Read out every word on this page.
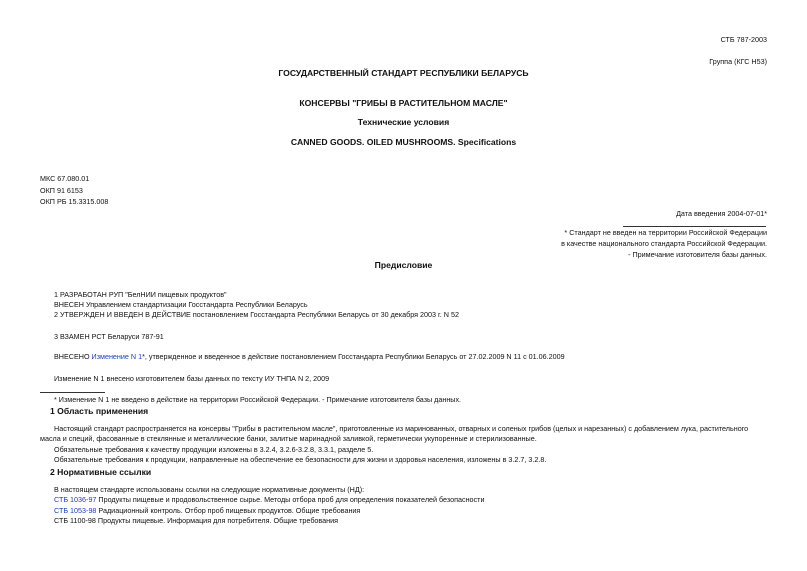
СТБ 787-2003
Группа (КГС Н53)
ГОСУДАРСТВЕННЫЙ СТАНДАРТ РЕСПУБЛИКИ БЕЛАРУСЬ
КОНСЕРВЫ "ГРИБЫ В РАСТИТЕЛЬНОМ МАСЛЕ"
Технические условия
CANNED GOODS. OILED MUSHROOMS. Specifications
МКС 67.080.01
ОКП 91 6153
ОКП РБ 15.3315.008
Дата введения 2004-07-01*
* Стандарт не введен на территории Российской Федерации
в качестве национального стандарта Российской Федерации.
- Примечание изготовителя базы данных.
Предисловие
1 РАЗРАБОТАН РУП "БелНИИ пищевых продуктов"
ВНЕСЕН Управлением стандартизации Госстандарта Республики Беларусь
2 УТВЕРЖДЕН И ВВЕДЕН В ДЕЙСТВИЕ постановлением Госстандарта Республики Беларусь от 30 декабря 2003 г. N 52
3 ВЗАМЕН РСТ Беларуси 787-91
ВНЕСЕНО Изменение N 1*, утвержденное и введенное в действие постановлением Госстандарта Республики Беларусь от 27.02.2009 N 11 с 01.06.2009
Изменение N 1 внесено изготовителем базы данных по тексту ИУ ТНПА N 2, 2009
* Изменение N 1 не введено в действие на территории Российской Федерации. - Примечание изготовителя базы данных.
1 Область применения
Настоящий стандарт распространяется на консервы "Грибы в растительном масле", приготовленные из маринованных, отварных и соленых грибов (целых и нарезанных) с добавлением лука, растительного
масла и специй, фасованные в стеклянные и металлические банки, залитые маринадной заливкой, герметически укупоренные и стерилизованные.
Обязательные требования к качеству продукции изложены в 3.2.4, 3.2.6-3.2.8, 3.3.1, разделе 5.
Обязательные требования к продукции, направленные на обеспечение ее безопасности для жизни и здоровья населения, изложены в 3.2.7, 3.2.8.
2 Нормативные ссылки
В настоящем стандарте использованы ссылки на следующие нормативные документы (НД):
СТБ 1036-97 Продукты пищевые и продовольственное сырье. Методы отбора проб для определения показателей безопасности
СТБ 1053-98 Радиационный контроль. Отбор проб пищевых продуктов. Общие требования
СТБ 1100-98 Продукты пищевые. Информация для потребителя. Общие требования
